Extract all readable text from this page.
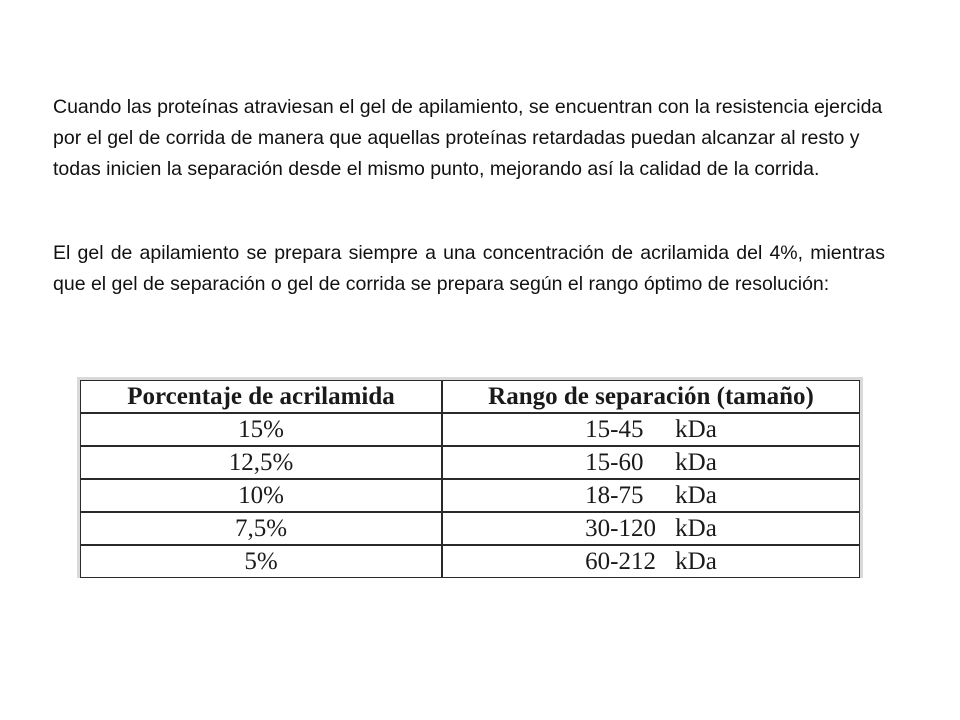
Cuando las proteínas atraviesan el gel de apilamiento, se encuentran con la resistencia ejercida por el gel de corrida de manera que aquellas proteínas retardadas puedan alcanzar al resto y todas inicien la separación desde el mismo punto, mejorando así la calidad de la corrida.

El gel de apilamiento se prepara siempre a una concentración de acrilamida del 4%, mientras que el gel de separación o gel de corrida se prepara según el rango óptimo de resolución:

Porcentaje de acrilamida	Rango de separación (tamaño)
15%	15-45 kDa
12,5%	15-60 kDa
10%	18-75 kDa
7,5%	30-120 kDa
5%	60-212 kDa
